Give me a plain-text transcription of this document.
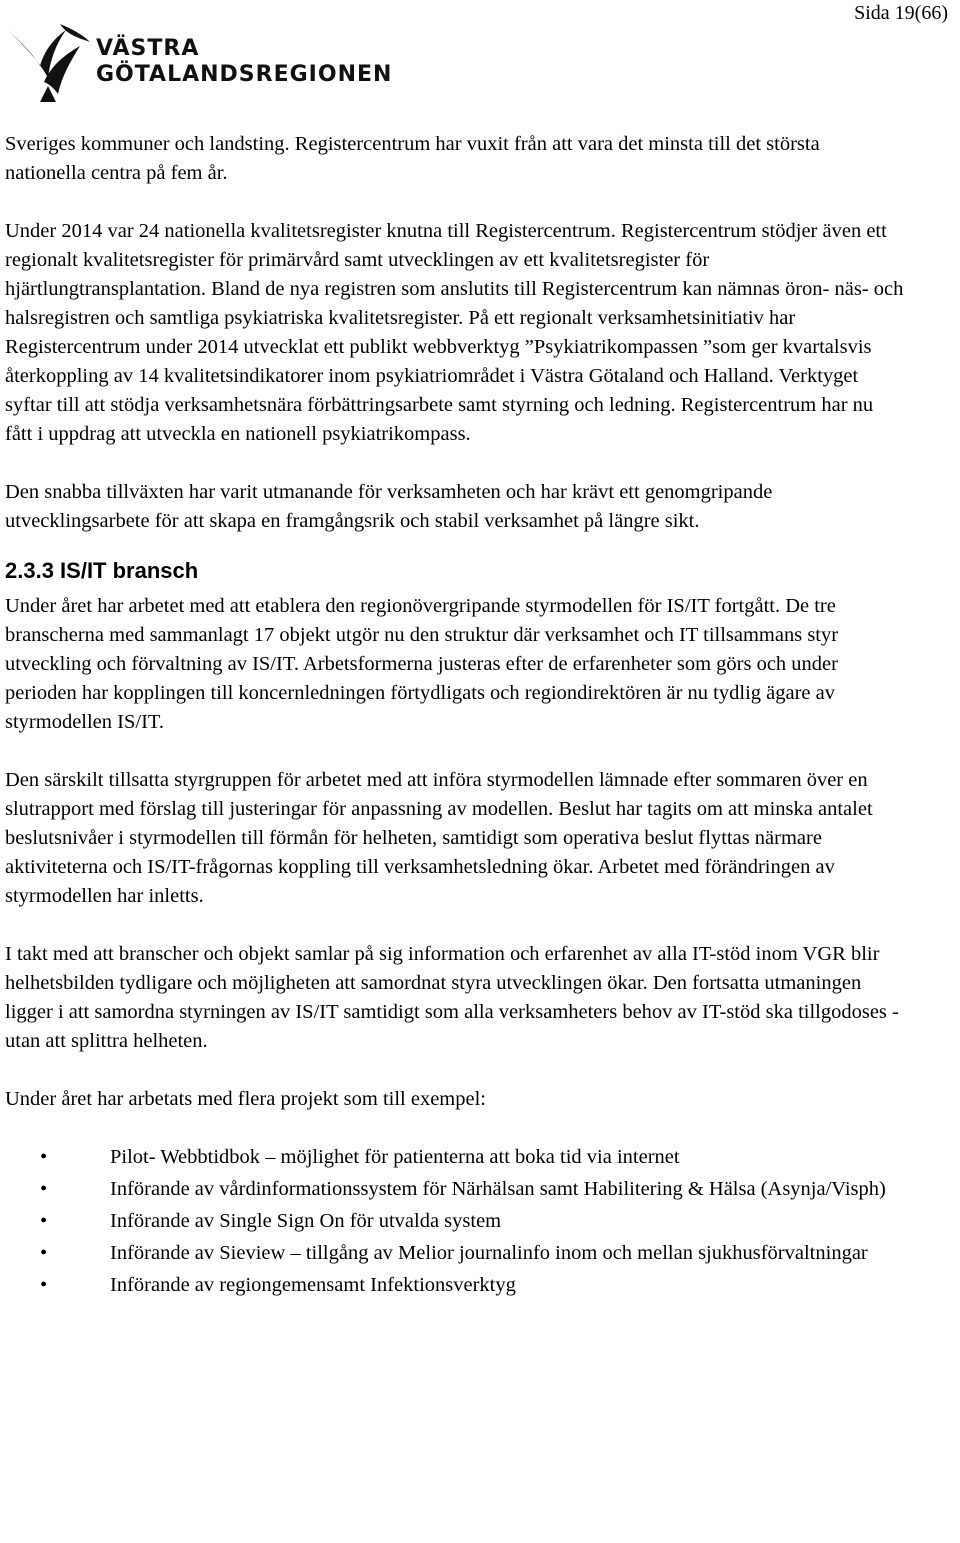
Sida 19(66)
VÄSTRA
GÖTALANDSREGIONEN

Sveriges kommuner och landsting. Registercentrum har vuxit från att vara det minsta till det största nationella centra på fem år.

Under 2014 var 24 nationella kvalitetsregister knutna till Registercentrum. Registercentrum stödjer även ett regionalt kvalitetsregister för primärvård samt utvecklingen av ett kvalitetsregister för hjärtlungtransplantation. Bland de nya registren som anslutits till Registercentrum kan nämnas öron- näs- och halsregistren och samtliga psykiatriska kvalitetsregister. På ett regionalt verksamhetsinitiativ har Registercentrum under 2014 utvecklat ett publikt webbverktyg ”Psykiatrikompassen ”som ger kvartalsvis återkoppling av 14 kvalitetsindikatorer inom psykiatriområdet i Västra Götaland och Halland. Verktyget syftar till att stödja verksamhetsnära förbättringsarbete samt styrning och ledning. Registercentrum har nu fått i uppdrag att utveckla en nationell psykiatrikompass.

Den snabba tillväxten har varit utmanande för verksamheten och har krävt ett genomgripande utvecklingsarbete för att skapa en framgångsrik och stabil verksamhet på längre sikt.

2.3.3 IS/IT bransch

Under året har arbetet med att etablera den regionövergripande styrmodellen för IS/IT fortgått. De tre branscherna med sammanlagt 17 objekt utgör nu den struktur där verksamhet och IT tillsammans styr utveckling och förvaltning av IS/IT. Arbetsformerna justeras efter de erfarenheter som görs och under perioden har kopplingen till koncernledningen förtydligats och regiondirektören är nu tydlig ägare av styrmodellen IS/IT.

Den särskilt tillsatta styrgruppen för arbetet med att införa styrmodellen lämnade efter sommaren över en slutrapport med förslag till justeringar för anpassning av modellen. Beslut har tagits om att minska antalet beslutsnivåer i styrmodellen till förmån för helheten, samtidigt som operativa beslut flyttas närmare aktiviteterna och IS/IT-frågornas koppling till verksamhetsledning ökar. Arbetet med förändringen av styrmodellen har inletts.

I takt med att branscher och objekt samlar på sig information och erfarenhet av alla IT-stöd inom VGR blir helhetsbilden tydligare och möjligheten att samordnat styra utvecklingen ökar. Den fortsatta utmaningen ligger i att samordna styrningen av IS/IT samtidigt som alla verksamheters behov av IT-stöd ska tillgodoses - utan att splittra helheten.

Under året har arbetats med flera projekt som till exempel:

•	Pilot- Webbtidbok – möjlighet för patienterna att boka tid via internet
•	Införande av vårdinformationssystem för Närhälsan samt Habilitering & Hälsa (Asynja/Visph)
•	Införande av Single Sign On för utvalda system
•	Införande av Sieview – tillgång av Melior journalinfo inom och mellan sjukhusförvaltningar
•	Införande av regiongemensamt Infektionsverktyg
